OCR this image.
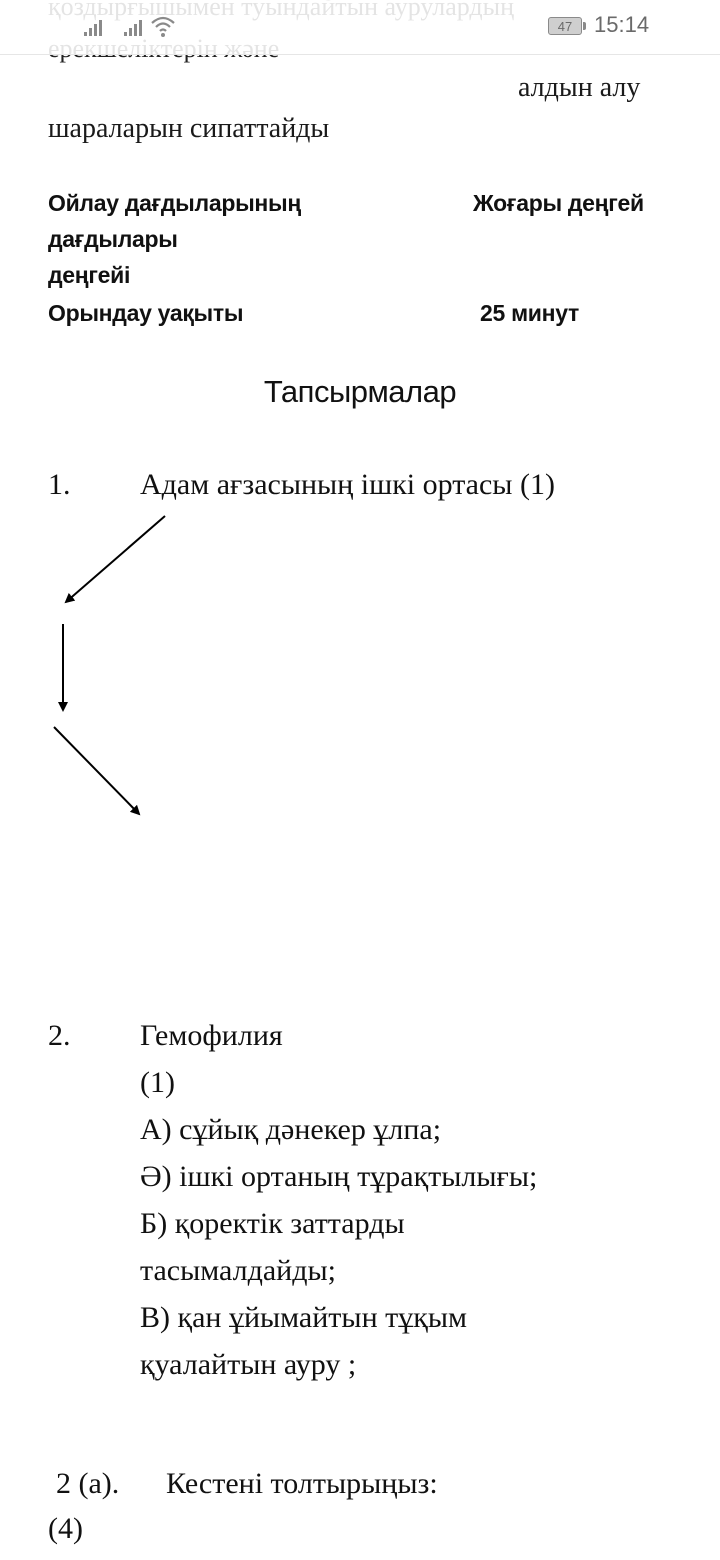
47 15:14
алдын алу
шараларын сипаттайды
Ойлау дағдыларының
дағдылары
деңгейі
Жоғары деңгей
Орындау уақыты	25 минут
Тапсырмалар
1. Адам ағзасының ішкі ортасы (1)
2. Гемофилия
(1)
А) сұйық дәнекер ұлпа;
Ә) ішкі ортаның тұрақтылығы;
Б) қоректік заттарды
тасымалдайды;
В) қан ұйымайтын тұқым
қуалайтын ауру ;
2 (а). Кестені толтырыңыз:
(4)
